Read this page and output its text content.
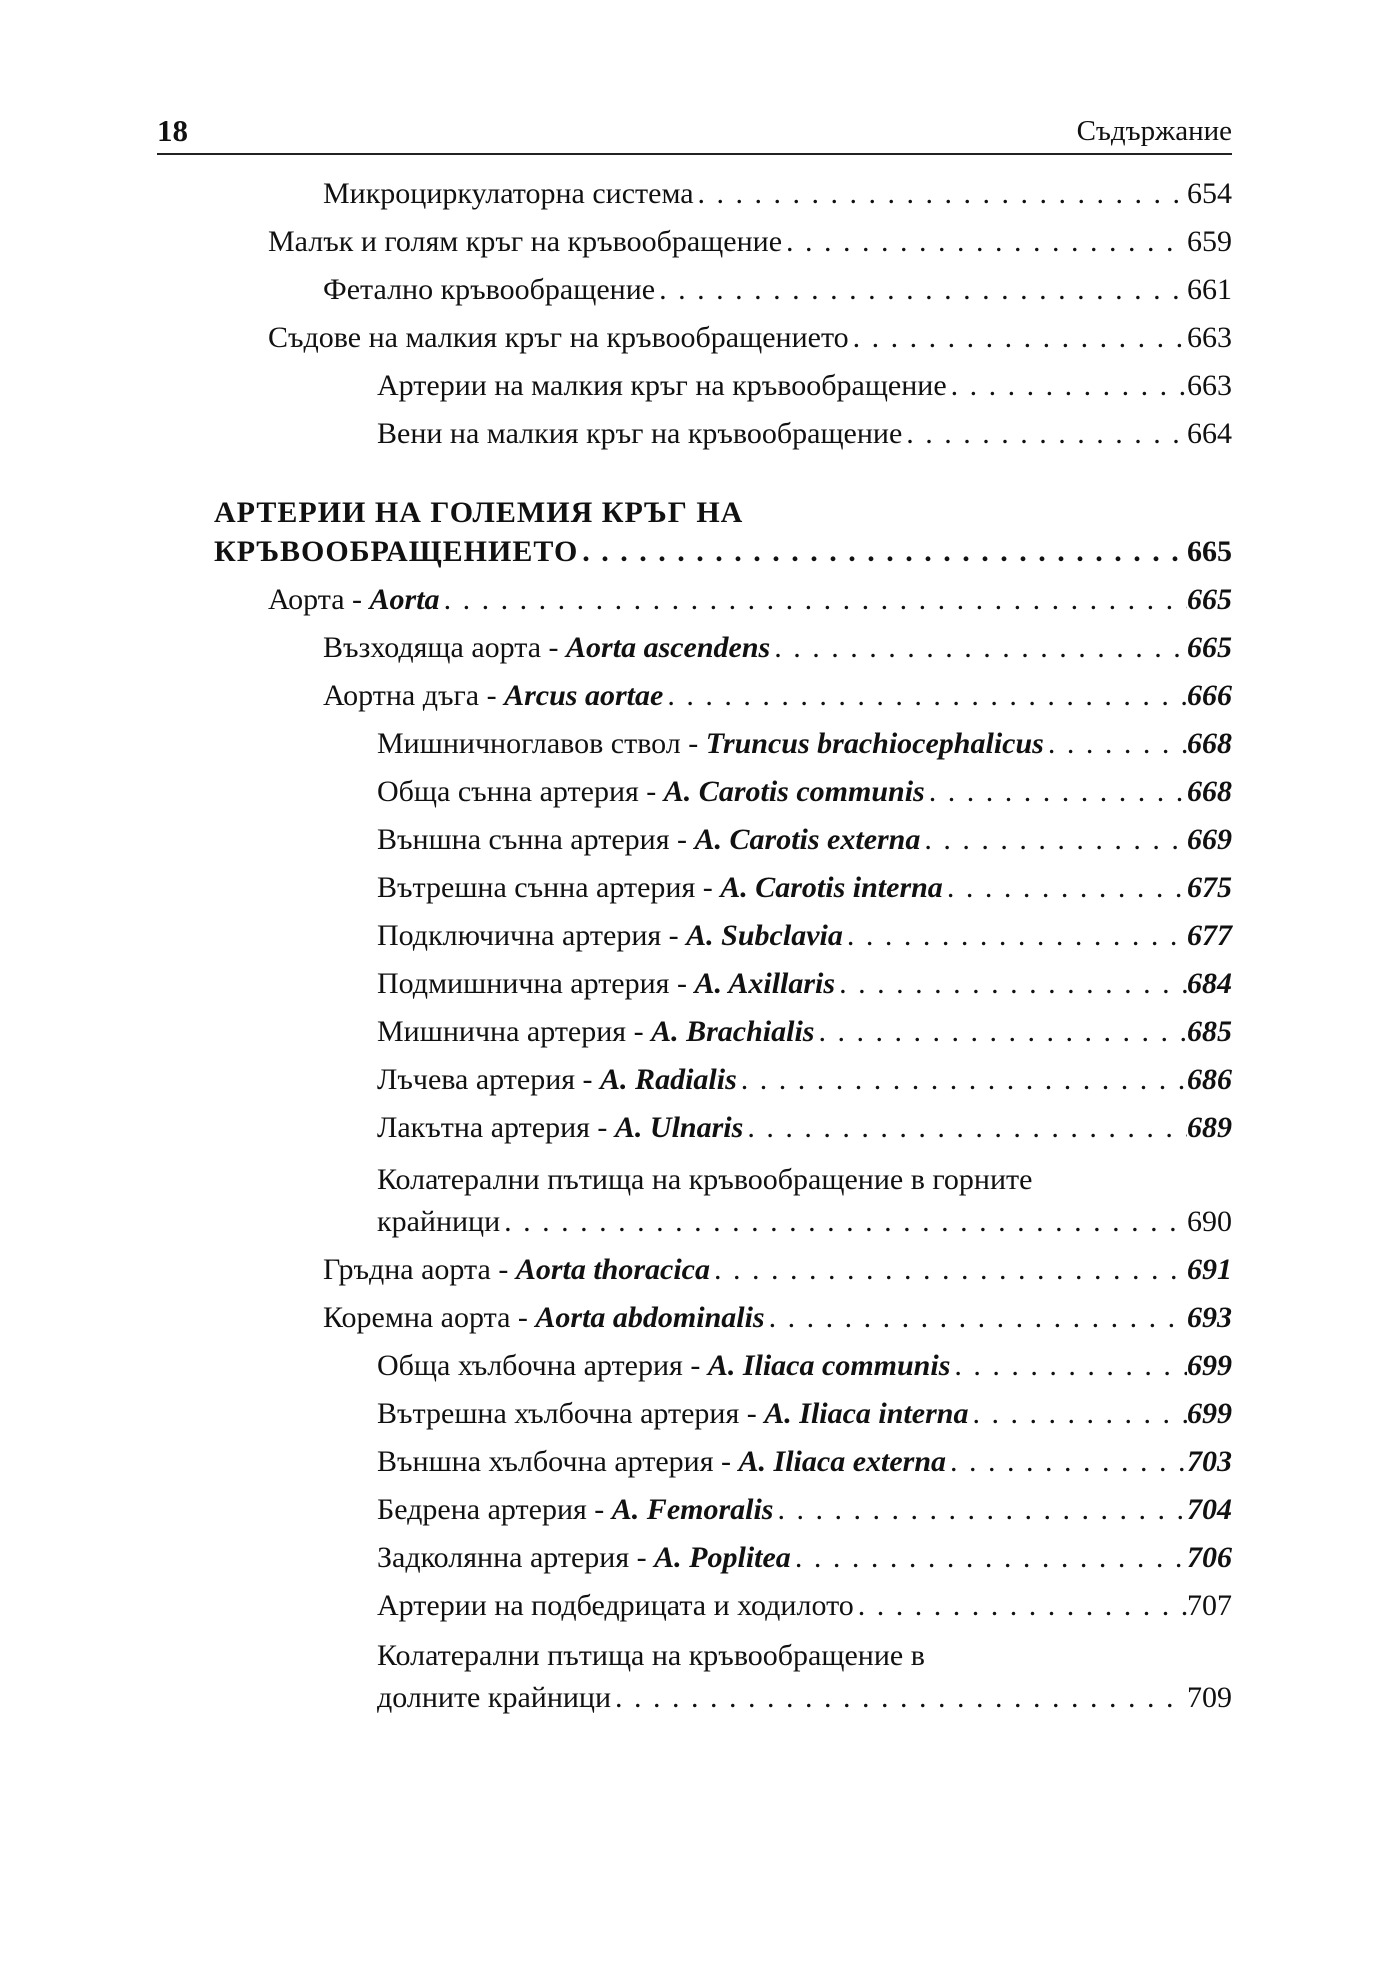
18	Съдържание
Микроциркулаторна система . . .	654
Малък и голям кръг на кръвообращение . . .	659
Фетално кръвообращение . . .	661
Съдове на малкия кръг на кръвообращението . . .	663
Артерии на малкия кръг на кръвообращение . . .	663
Вени на малкия кръг на кръвообращение . . .	664
АРТЕРИИ НА ГОЛЕМИЯ КРЪГ НА
КРЪВООБРАЩЕНИЕТО . . .	665
Аорта - Aorta . . .	665
Възходяща аорта - Aorta ascendens . . .	665
Аортна дъга - Arcus aortae . . .	666
Мишничноглавов ствол - Truncus brachiocephalicus . . .	668
Обща сънна артерия - A. Carotis communis . . .	668
Външна сънна артерия - A. Carotis externa . . .	669
Вътрешна сънна артерия - A. Carotis interna . . .	675
Подключична артерия - A. Subclavia . . .	677
Подмишнична артерия - A. Axillaris . . .	684
Мишнична артерия - A. Brachialis . . .	685
Лъчева артерия - A. Radialis . . .	686
Лакътна артерия - A. Ulnaris . . .	689
Колатерални пътища на кръвообращение в горните
крайници . . .	690
Гръдна аорта - Aorta thoracica . . .	691
Коремна аорта - Aorta abdominalis . . .	693
Обща хълбочна артерия - A. Iliaca communis . . .	699
Вътрешна хълбочна артерия - A. Iliaca interna . . .	699
Външна хълбочна артерия - A. Iliaca externa . . .	703
Бедрена артерия - A. Femoralis . . .	704
Задколянна артерия - A. Poplitea . . .	706
Артерии на подбедрицата и ходилото . . .	707
Колатерални пътища на кръвообращение в
долните крайници . . .	709
